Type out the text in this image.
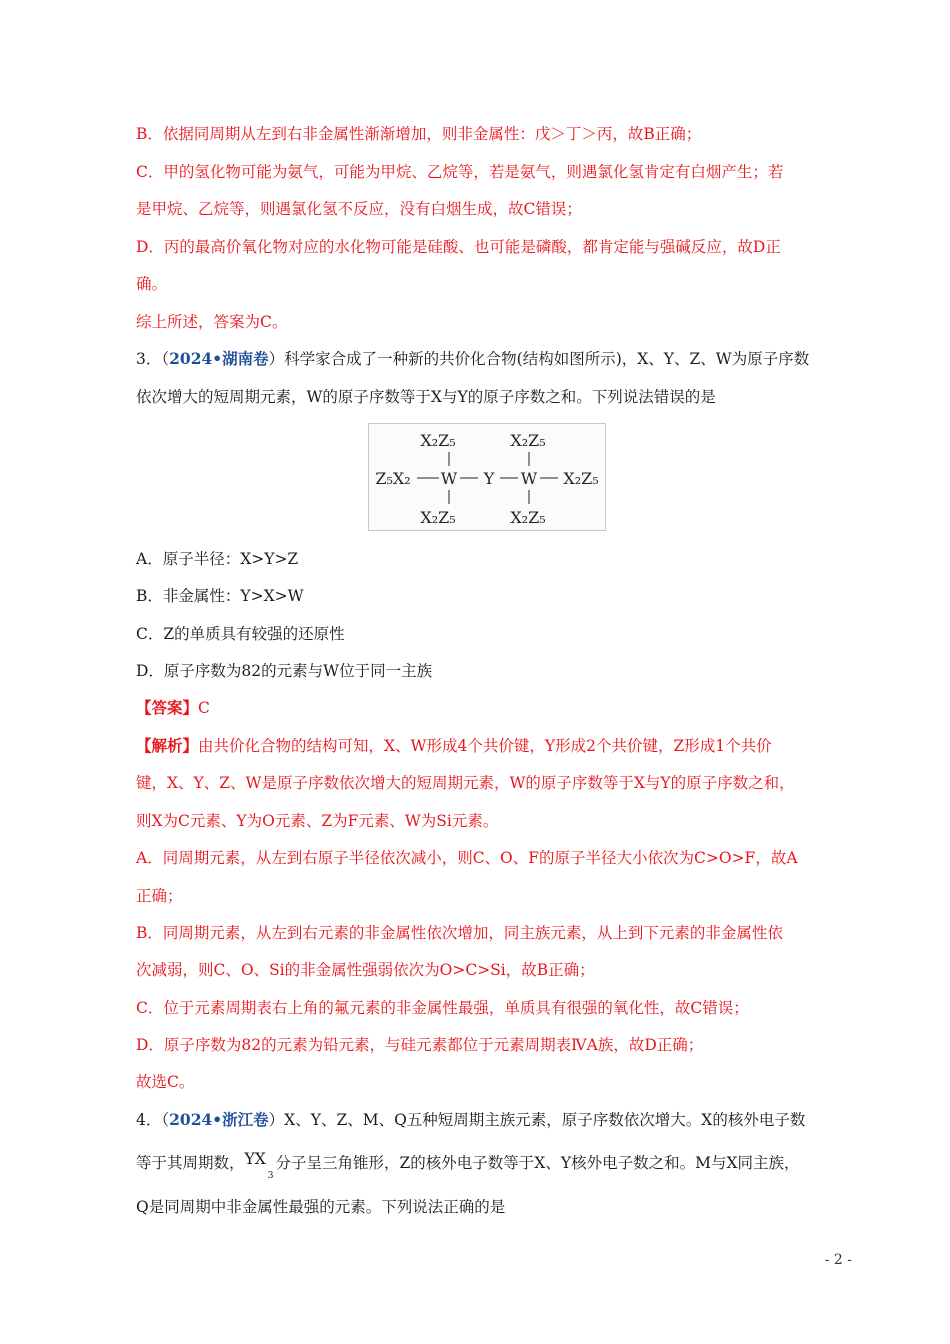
B．依据同周期从左到右非金属性渐渐增加，则非金属性：戊＞丁＞丙，故B正确；
C．甲的氢化物可能为氨气，可能为甲烷、乙烷等，若是氨气，则遇氯化氢肯定有白烟产生；若
是甲烷、乙烷等，则遇氯化氢不反应，没有白烟生成，故C错误；
D．丙的最高价氧化物对应的水化物可能是硅酸、也可能是磷酸，都肯定能与强碱反应，故D正
确。
综上所述，答案为C。
3．（2024•湖南卷）科学家合成了一种新的共价化合物(结构如图所示)，X、Y、Z、W为原子序数
依次增大的短周期元素，W的原子序数等于X与Y的原子序数之和。下列说法错误的是
X₂Z₅	X₂Z₅
Z₅X₂ W Y W X₂Z₅
X₂Z₅	X₂Z₅
A．原子半径：X>Y>Z
B．非金属性：Y>X>W
C．Z的单质具有较强的还原性
D．原子序数为82的元素与W位于同一主族
【答案】C
【解析】由共价化合物的结构可知，X、W形成4个共价键，Y形成2个共价键，Z形成1个共价
键，X、Y、Z、W是原子序数依次增大的短周期元素，W的原子序数等于X与Y的原子序数之和，
则X为C元素、Y为O元素、Z为F元素、W为Si元素。
A．同周期元素，从左到右原子半径依次减小，则C、O、F的原子半径大小依次为C>O>F，故A
正确；
B．同周期元素，从左到右元素的非金属性依次增加，同主族元素，从上到下元素的非金属性依
次减弱，则C、O、Si的非金属性强弱依次为O>C>Si，故B正确；
C．位于元素周期表右上角的氟元素的非金属性最强，单质具有很强的氧化性，故C错误；
D．原子序数为82的元素为铅元素，与硅元素都位于元素周期表ⅣA族，故D正确；
故选C。
4．（2024•浙江卷）X、Y、Z、M、Q五种短周期主族元素，原子序数依次增大。X的核外电子数
等于其周期数，$YX_3$分子呈三角锥形，Z的核外电子数等于X、Y核外电子数之和。M与X同主族，
Q是同周期中非金属性最强的元素。下列说法正确的是
- 2 -
